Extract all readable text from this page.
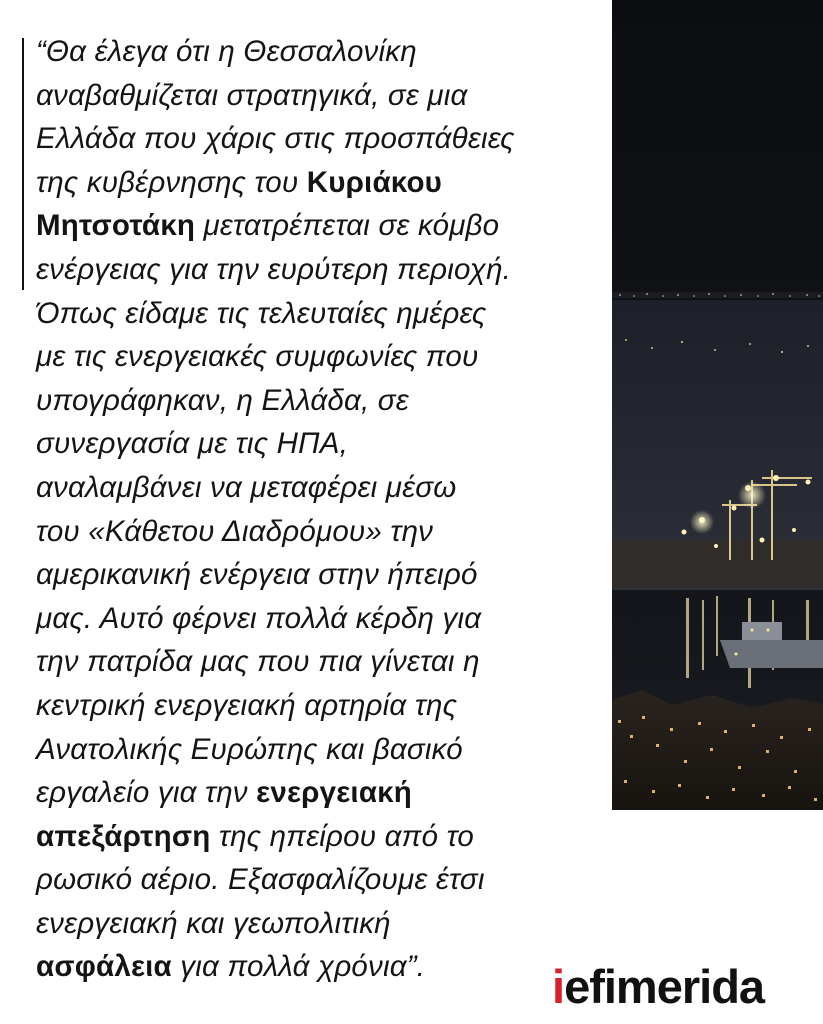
“Θα έλεγα ότι η Θεσσαλονίκη
αναβαθμίζεται στρατηγικά, σε μια
Ελλάδα που χάρις στις προσπάθειες
της κυβέρνησης του Κυριάκου
Μητσοτάκη μετατρέπεται σε κόμβο
ενέργειας για την ευρύτερη περιοχή.
Όπως είδαμε τις τελευταίες ημέρες
με τις ενεργειακές συμφωνίες που
υπογράφηκαν, η Ελλάδα, σε
συνεργασία με τις ΗΠΑ,
αναλαμβάνει να μεταφέρει μέσω
του «Κάθετου Διαδρόμου» την
αμερικανική ενέργεια στην ήπειρό
μας. Αυτό φέρνει πολλά κέρδη για
την πατρίδα μας που πια γίνεται η
κεντρική ενεργειακή αρτηρία της
Ανατολικής Ευρώπης και βασικό
εργαλείο για την ενεργειακή
απεξάρτηση της ηπείρου από το
ρωσικό αέριο. Εξασφαλίζουμε έτσι
ενεργειακή και γεωπολιτική
ασφάλεια για πολλά χρόνια”.	iefimerida
